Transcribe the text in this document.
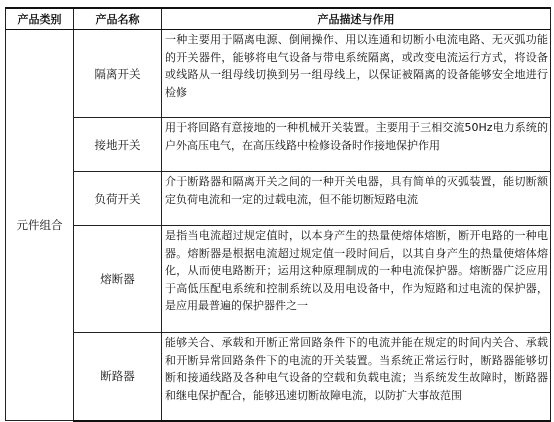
产品类别	产品名称	产品描述与作用
元件组合	隔离开关	一种主要用于隔离电源、倒闸操作、用以连通和切断小电流电路、无灭弧功能的开关器件，能够将电气设备与带电系统隔离，或改变电流运行方式，将设备或线路从一组母线切换到另一组母线上，以保证被隔离的设备能够安全地进行检修
	接地开关	用于将回路有意接地的一种机械开关装置。主要用于三相交流50Hz电力系统的户外高压电气，在高压线路中检修设备时作接地保护作用
	负荷开关	介于断路器和隔离开关之间的一种开关电器，具有简单的灭弧装置，能切断额定负荷电流和一定的过载电流，但不能切断短路电流
	熔断器	是指当电流超过规定值时，以本身产生的热量使熔体熔断，断开电路的一种电器。熔断器是根据电流超过规定值一段时间后，以其自身产生的热量使熔体熔化，从而使电路断开；运用这种原理制成的一种电流保护器。熔断器广泛应用于高低压配电系统和控制系统以及用电设备中，作为短路和过电流的保护器，是应用最普遍的保护器件之一
	断路器	能够关合、承载和开断正常回路条件下的电流并能在规定的时间内关合、承载和开断异常回路条件下的电流的开关装置。当系统正常运行时，断路器能够切断和接通线路及各种电气设备的空载和负载电流；当系统发生故障时，断路器和继电保护配合，能够迅速切断故障电流，以防扩大事故范围
